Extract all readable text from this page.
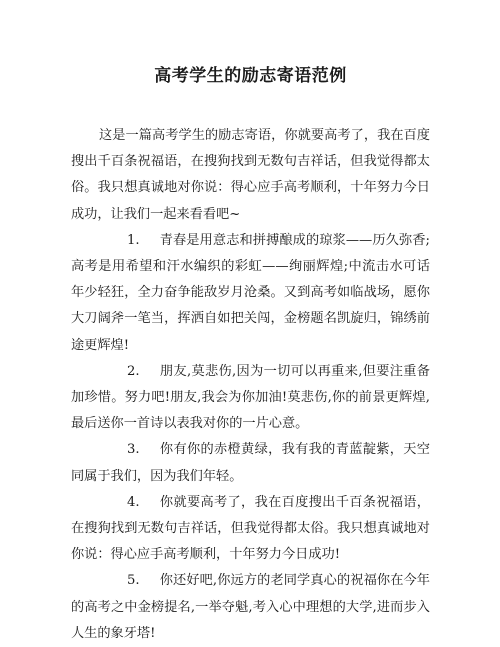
高考学生的励志寄语范例

这是一篇高考学生的励志寄语，你就要高考了，我在百度搜出千百条祝福语，在搜狗找到无数句吉祥话，但我觉得都太俗。我只想真诚地对你说：得心应手高考顺利，十年努力今日成功，让我们一起来看看吧~

1. 青春是用意志和拼搏酿成的琼浆——历久弥香;高考是用希望和汗水编织的彩虹——绚丽辉煌;中流击水可话年少轻狂，全力奋争能敌岁月沧桑。又到高考如临战场，愿你大刀阔斧一笔当，挥洒自如把关闯，金榜题名凯旋归，锦绣前途更辉煌!

2. 朋友,莫悲伤,因为一切可以再重来,但要注重备加珍惜。努力吧!朋友,我会为你加油!莫悲伤,你的前景更辉煌,最后送你一首诗以表我对你的一片心意。

3. 你有你的赤橙黄绿，我有我的青蓝靛紫，天空同属于我们，因为我们年轻。

4. 你就要高考了，我在百度搜出千百条祝福语，在搜狗找到无数句吉祥话，但我觉得都太俗。我只想真诚地对你说：得心应手高考顺利，十年努力今日成功!

5. 你还好吧,你远方的老同学真心的祝福你在今年的高考之中金榜提名,一举夺魁,考入心中理想的大学,进而步入人生的象牙塔!
